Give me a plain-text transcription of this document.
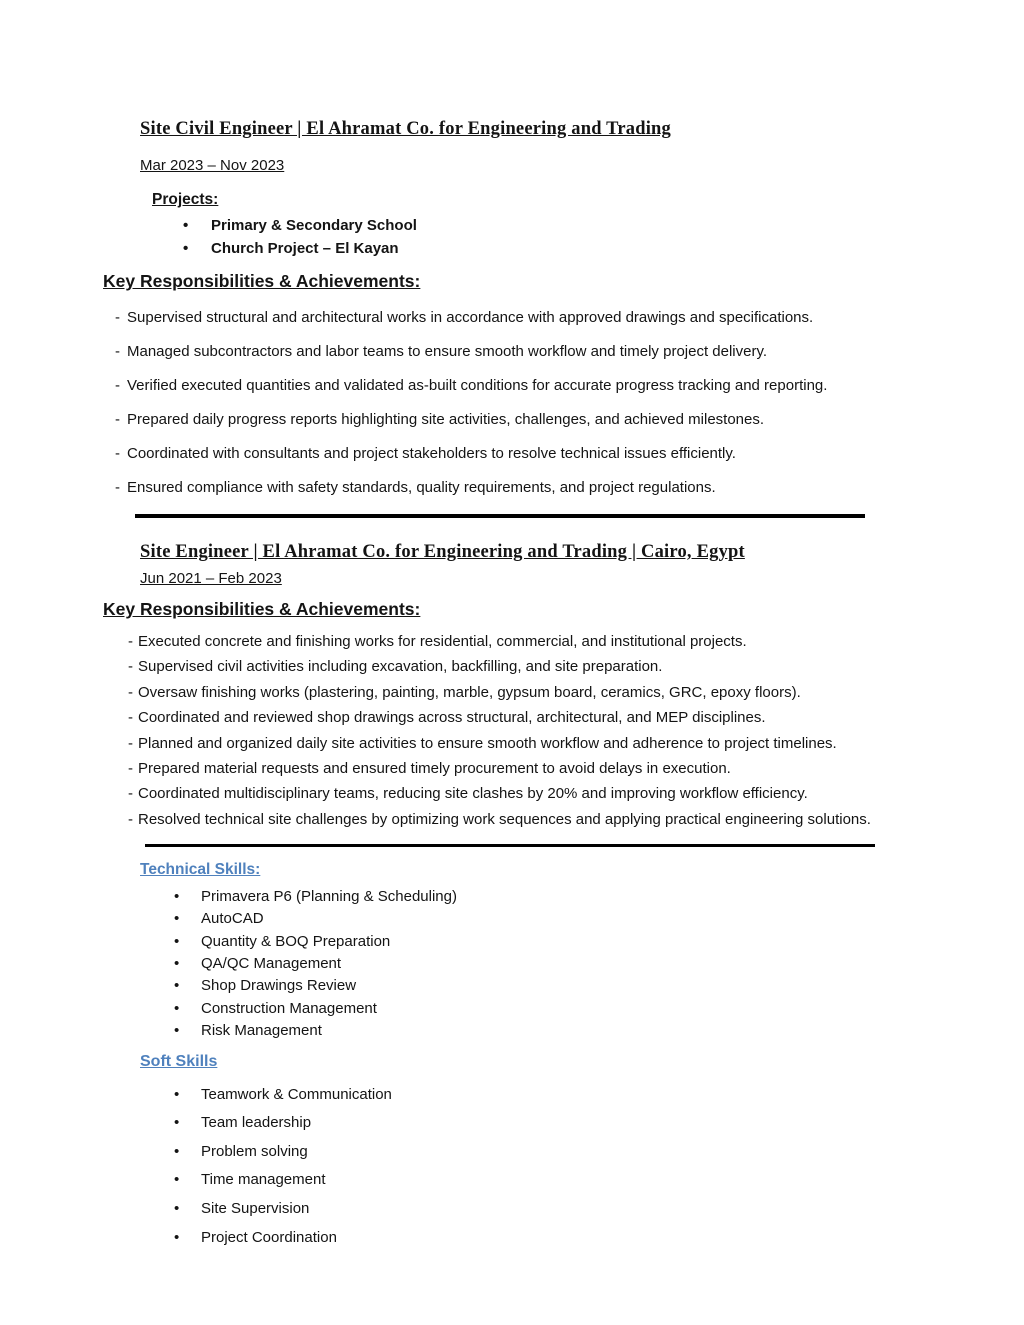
Site Civil Engineer | El Ahramat Co. for Engineering and Trading
Mar 2023 – Nov 2023
Projects:
• Primary & Secondary School
• Church Project – El Kayan
Key Responsibilities & Achievements:
- Supervised structural and architectural works in accordance with approved drawings and specifications.
- Managed subcontractors and labor teams to ensure smooth workflow and timely project delivery.
- Verified executed quantities and validated as-built conditions for accurate progress tracking and reporting.
- Prepared daily progress reports highlighting site activities, challenges, and achieved milestones.
- Coordinated with consultants and project stakeholders to resolve technical issues efficiently.
- Ensured compliance with safety standards, quality requirements, and project regulations.
Site Engineer | El Ahramat Co. for Engineering and Trading | Cairo, Egypt
Jun 2021 – Feb 2023
Key Responsibilities & Achievements:
- Executed concrete and finishing works for residential, commercial, and institutional projects.
- Supervised civil activities including excavation, backfilling, and site preparation.
- Oversaw finishing works (plastering, painting, marble, gypsum board, ceramics, GRC, epoxy floors).
- Coordinated and reviewed shop drawings across structural, architectural, and MEP disciplines.
- Planned and organized daily site activities to ensure smooth workflow and adherence to project timelines.
- Prepared material requests and ensured timely procurement to avoid delays in execution.
- Coordinated multidisciplinary teams, reducing site clashes by 20% and improving workflow efficiency.
- Resolved technical site challenges by optimizing work sequences and applying practical engineering solutions.
Technical Skills:
• Primavera P6 (Planning & Scheduling)
• AutoCAD
• Quantity & BOQ Preparation
• QA/QC Management
• Shop Drawings Review
• Construction Management
• Risk Management
Soft Skills
• Teamwork & Communication
• Team leadership
• Problem solving
• Time management
• Site Supervision
• Project Coordination
